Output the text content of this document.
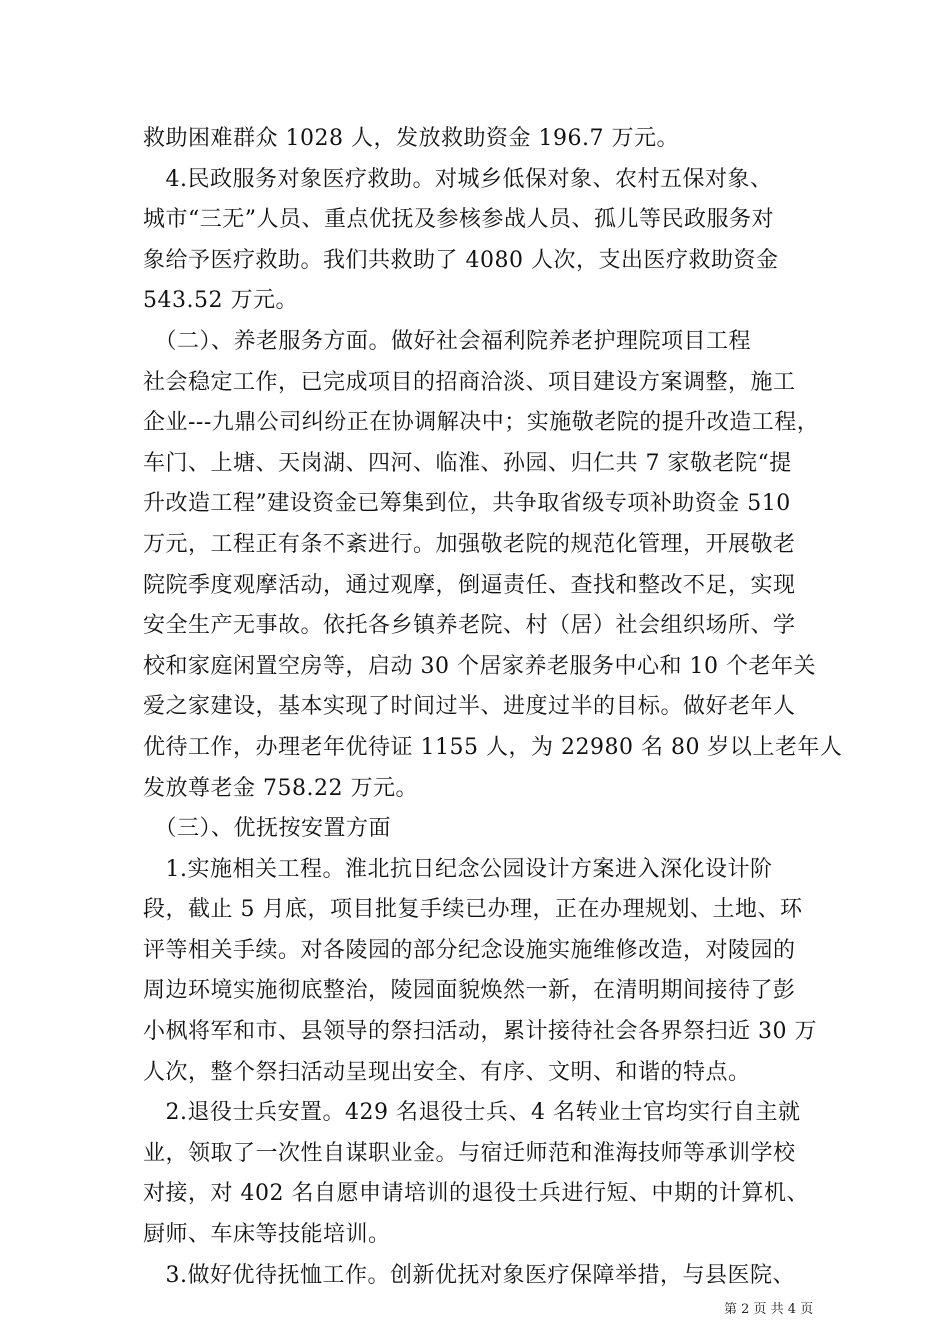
救助困难群众 1028 人，发放救助资金 196.7 万元。
　4.民政服务对象医疗救助。对城乡低保对象、农村五保对象、
城市“三无”人员、重点优抚及参核参战人员、孤儿等民政服务对
象给予医疗救助。我们共救助了 4080 人次，支出医疗救助资金
543.52 万元。
　（二）、养老服务方面。做好社会福利院养老护理院项目工程
社会稳定工作，已完成项目的招商洽淡、项目建设方案调整，施工
企业---九鼎公司纠纷正在协调解决中；实施敬老院的提升改造工程，
车门、上塘、天岗湖、四河、临淮、孙园、归仁共 7 家敬老院“提
升改造工程”建设资金已筹集到位，共争取省级专项补助资金 510
万元，工程正有条不紊进行。加强敬老院的规范化管理，开展敬老
院院季度观摩活动，通过观摩，倒逼责任、查找和整改不足，实现
安全生产无事故。依托各乡镇养老院、村（居）社会组织场所、学
校和家庭闲置空房等，启动 30 个居家养老服务中心和 10 个老年关
爱之家建设，基本实现了时间过半、进度过半的目标。做好老年人
优待工作，办理老年优待证 1155 人，为 22980 名 80 岁以上老年人
发放尊老金 758.22 万元。
　（三）、优抚按安置方面
　1.实施相关工程。淮北抗日纪念公园设计方案进入深化设计阶
段，截止 5 月底，项目批复手续已办理，正在办理规划、土地、环
评等相关手续。对各陵园的部分纪念设施实施维修改造，对陵园的
周边环境实施彻底整治，陵园面貌焕然一新，在清明期间接待了彭
小枫将军和市、县领导的祭扫活动，累计接待社会各界祭扫近 30 万
人次，整个祭扫活动呈现出安全、有序、文明、和谐的特点。
　2.退役士兵安置。429 名退役士兵、4 名转业士官均实行自主就
业，领取了一次性自谋职业金。与宿迁师范和淮海技师等承训学校
对接，对 402 名自愿申请培训的退役士兵进行短、中期的计算机、
厨师、车床等技能培训。
　3.做好优待抚恤工作。创新优抚对象医疗保障举措，与县医院、
第 2 页 共 4 页
